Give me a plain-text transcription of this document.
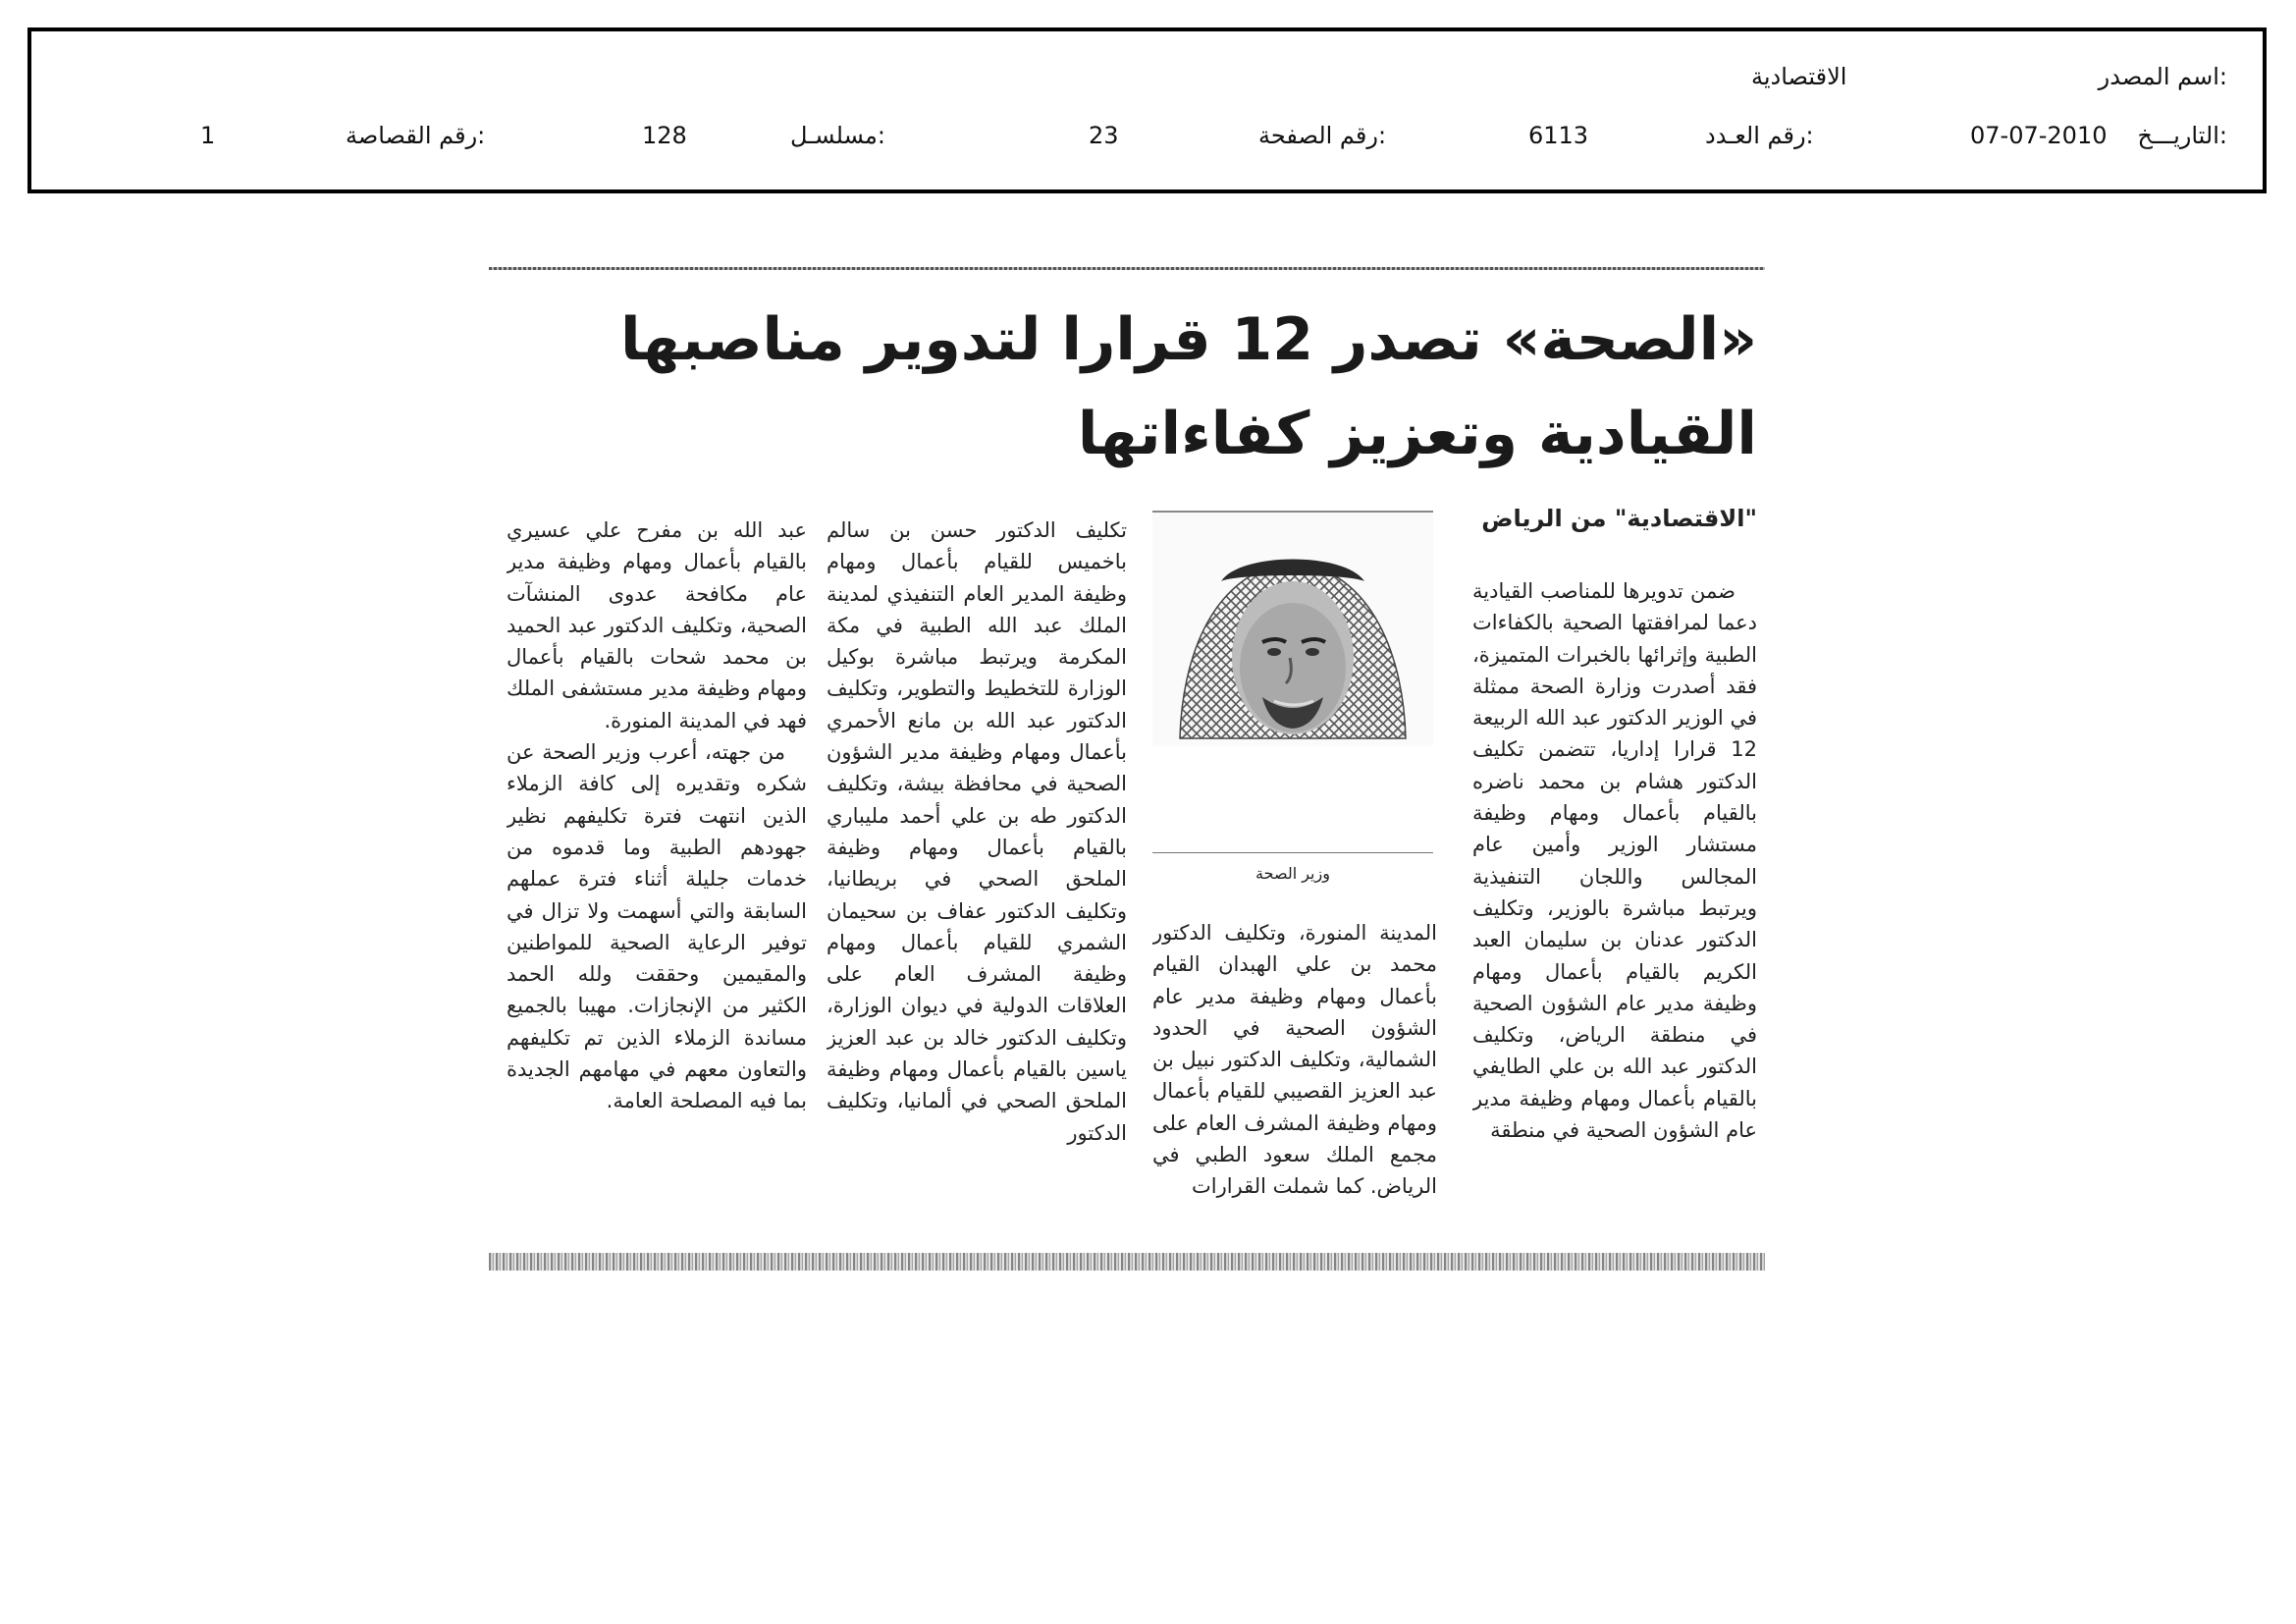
اسم المصدر:
الاقتصادية
التاريـــخ:
07-07-2010
رقم العـدد:
6113
رقم الصفحة:
23
مسلسـل:
128
رقم القصاصة:
1
«الصحة» تصدر 12 قرارا لتدوير مناصبها القيادية وتعزيز كفاءاتها
"الاقتصادية" من الرياض

ضمن تدويرها للمناصب القيادية دعما لمرافقتها الصحية بالكفاءات الطبية وإثرائها بالخبرات المتميزة، فقد أصدرت وزارة الصحة ممثلة في الوزير الدكتور عبد الله الربيعة 12 قرارا إداريا، تتضمن تكليف الدكتور هشام بن محمد ناضره بالقيام بأعمال ومهام وظيفة مستشار الوزير وأمين عام المجالس واللجان التنفيذية ويرتبط مباشرة بالوزير، وتكليف الدكتور عدنان بن سليمان العبد الكريم بالقيام بأعمال ومهام وظيفة مدير عام الشؤون الصحية في منطقة الرياض، وتكليف الدكتور عبد الله بن علي الطايفي بالقيام بأعمال ومهام وظيفة مدير عام الشؤون الصحية في منطقة

وزير الصحة

المدينة المنورة، وتكليف الدكتور محمد بن علي الهبدان القيام بأعمال ومهام وظيفة مدير عام الشؤون الصحية في الحدود الشمالية، وتكليف الدكتور نبيل بن عبد العزيز القصيبي للقيام بأعمال ومهام وظيفة المشرف العام على مجمع الملك سعود الطبي في الرياض. كما شملت القرارات

تكليف الدكتور حسن بن سالم باخميس للقيام بأعمال ومهام وظيفة المدير العام التنفيذي لمدينة الملك عبد الله الطبية في مكة المكرمة ويرتبط مباشرة بوكيل الوزارة للتخطيط والتطوير، وتكليف الدكتور عبد الله بن مانع الأحمري بأعمال ومهام وظيفة مدير الشؤون الصحية في محافظة بيشة، وتكليف الدكتور طه بن علي أحمد مليباري بالقيام بأعمال ومهام وظيفة الملحق الصحي في بريطانيا، وتكليف الدكتور عفاف بن سحيمان الشمري للقيام بأعمال ومهام وظيفة المشرف العام على العلاقات الدولية في ديوان الوزارة، وتكليف الدكتور خالد بن عبد العزيز ياسين بالقيام بأعمال ومهام وظيفة الملحق الصحي في ألمانيا، وتكليف الدكتور

عبد الله بن مفرح علي عسيري بالقيام بأعمال ومهام وظيفة مدير عام مكافحة عدوى المنشآت الصحية، وتكليف الدكتور عبد الحميد بن محمد شحات بالقيام بأعمال ومهام وظيفة مدير مستشفى الملك فهد في المدينة المنورة.

من جهته، أعرب وزير الصحة عن شكره وتقديره إلى كافة الزملاء الذين انتهت فترة تكليفهم نظير جهودهم الطبية وما قدموه من خدمات جليلة أثناء فترة عملهم السابقة والتي أسهمت ولا تزال في توفير الرعاية الصحية للمواطنين والمقيمين وحققت ولله الحمد الكثير من الإنجازات. مهيبا بالجميع مساندة الزملاء الذين تم تكليفهم والتعاون معهم في مهامهم الجديدة بما فيه المصلحة العامة.
